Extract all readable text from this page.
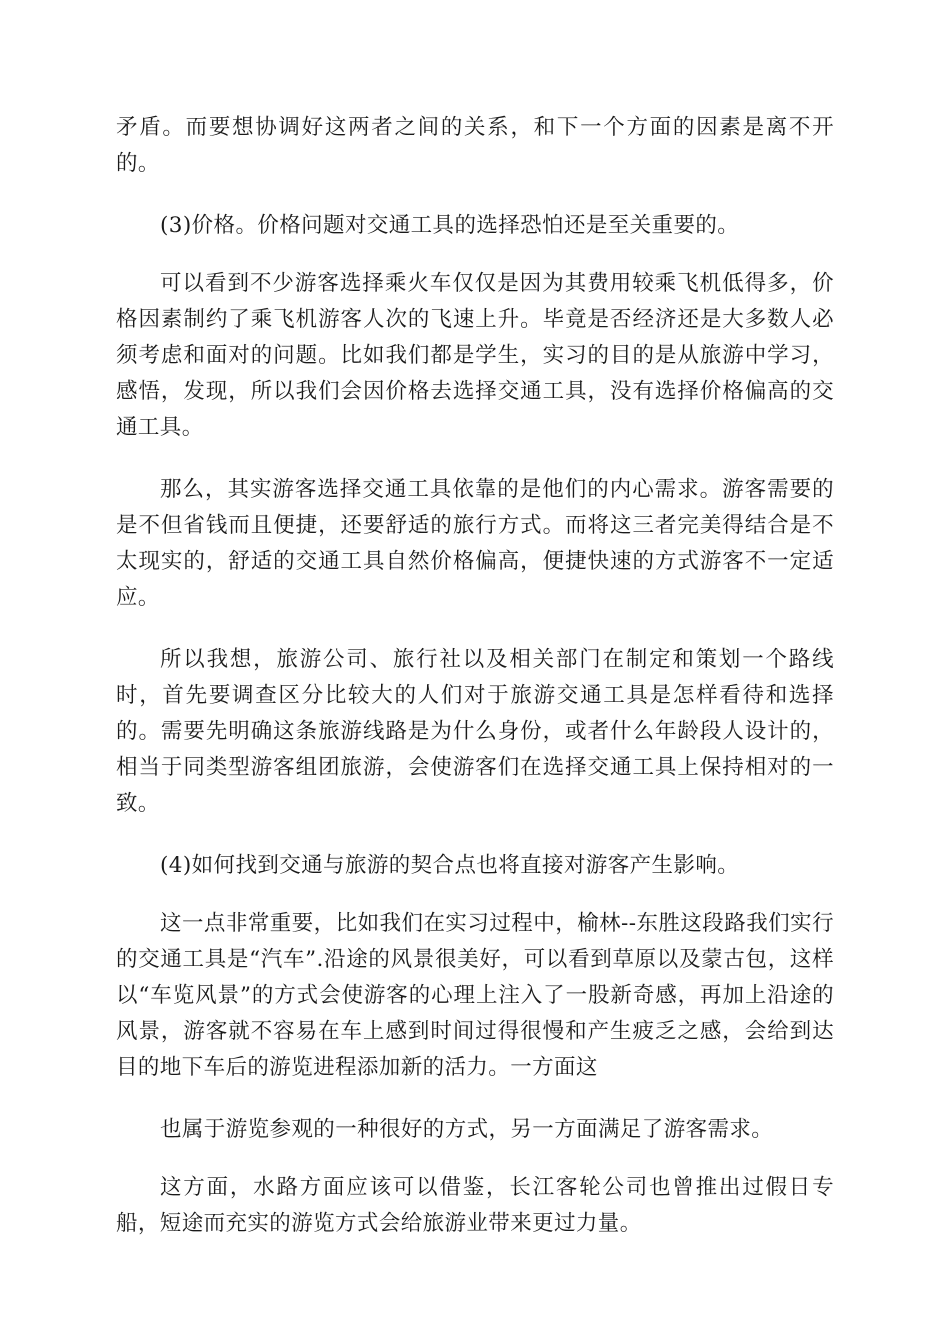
矛盾。而要想协调好这两者之间的关系，和下一个方面的因素是离不开的。

(3)价格。价格问题对交通工具的选择恐怕还是至关重要的。

可以看到不少游客选择乘火车仅仅是因为其费用较乘飞机低得多，价格因素制约了乘飞机游客人次的飞速上升。毕竟是否经济还是大多数人必须考虑和面对的问题。比如我们都是学生，实习的目的是从旅游中学习，感悟，发现，所以我们会因价格去选择交通工具，没有选择价格偏高的交通工具。

那么，其实游客选择交通工具依靠的是他们的内心需求。游客需要的是不但省钱而且便捷，还要舒适的旅行方式。而将这三者完美得结合是不太现实的，舒适的交通工具自然价格偏高，便捷快速的方式游客不一定适应。

所以我想，旅游公司、旅行社以及相关部门在制定和策划一个路线时，首先要调查区分比较大的人们对于旅游交通工具是怎样看待和选择的。需要先明确这条旅游线路是为什么身份，或者什么年龄段人设计的，相当于同类型游客组团旅游，会使游客们在选择交通工具上保持相对的一致。

(4)如何找到交通与旅游的契合点也将直接对游客产生影响。

这一点非常重要，比如我们在实习过程中，榆林--东胜这段路我们实行的交通工具是“汽车”.沿途的风景很美好，可以看到草原以及蒙古包，这样以“车览风景”的方式会使游客的心理上注入了一股新奇感，再加上沿途的风景，游客就不容易在车上感到时间过得很慢和产生疲乏之感，会给到达目的地下车后的游览进程添加新的活力。一方面这

也属于游览参观的一种很好的方式，另一方面满足了游客需求。

这方面，水路方面应该可以借鉴，长江客轮公司也曾推出过假日专船，短途而充实的游览方式会给旅游业带来更过力量。
